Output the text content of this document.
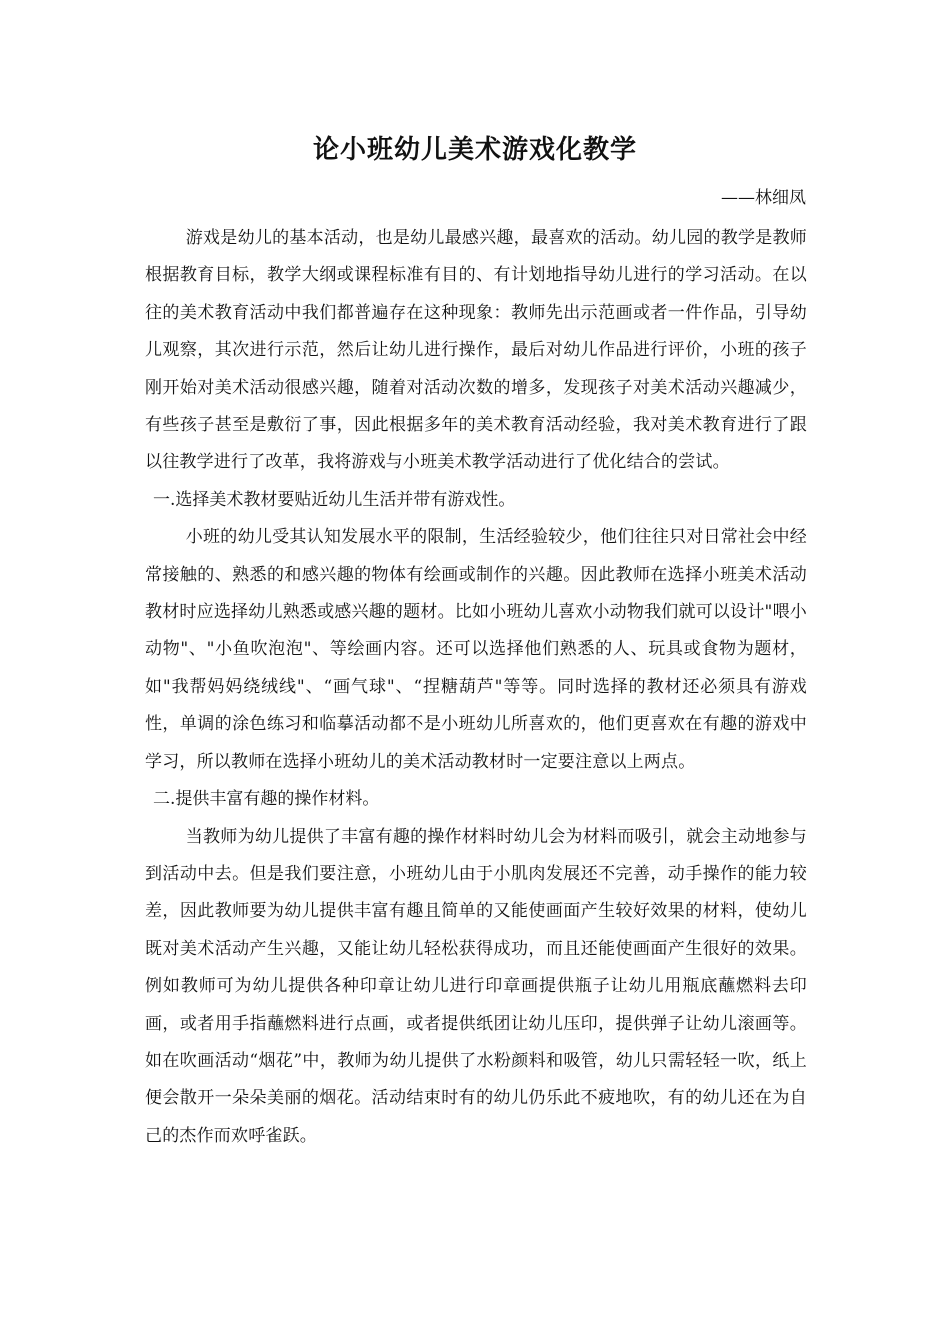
论小班幼儿美术游戏化教学
——林细凤

游戏是幼儿的基本活动，也是幼儿最感兴趣，最喜欢的活动。幼儿园的教学是教师根据教育目标，教学大纲或课程标准有目的、有计划地指导幼儿进行的学习活动。在以往的美术教育活动中我们都普遍存在这种现象：教师先出示范画或者一件作品，引导幼儿观察，其次进行示范，然后让幼儿进行操作，最后对幼儿作品进行评价，小班的孩子刚开始对美术活动很感兴趣，随着对活动次数的增多，发现孩子对美术活动兴趣减少，有些孩子甚至是敷衍了事，因此根据多年的美术教育活动经验，我对美术教育进行了跟以往教学进行了改革，我将游戏与小班美术教学活动进行了优化结合的尝试。

一.选择美术教材要贴近幼儿生活并带有游戏性。

小班的幼儿受其认知发展水平的限制，生活经验较少，他们往往只对日常社会中经常接触的、熟悉的和感兴趣的物体有绘画或制作的兴趣。因此教师在选择小班美术活动教材时应选择幼儿熟悉或感兴趣的题材。比如小班幼儿喜欢小动物我们就可以设计"喂小动物"、"小鱼吹泡泡"、等绘画内容。还可以选择他们熟悉的人、玩具或食物为题材，如"我帮妈妈绕绒线"、“画气球"、“捏糖葫芦"等等。同时选择的教材还必须具有游戏性，单调的涂色练习和临摹活动都不是小班幼儿所喜欢的，他们更喜欢在有趣的游戏中学习，所以教师在选择小班幼儿的美术活动教材时一定要注意以上两点。

二.提供丰富有趣的操作材料。

当教师为幼儿提供了丰富有趣的操作材料时幼儿会为材料而吸引，就会主动地参与到活动中去。但是我们要注意，小班幼儿由于小肌肉发展还不完善，动手操作的能力较差，因此教师要为幼儿提供丰富有趣且简单的又能使画面产生较好效果的材料，使幼儿既对美术活动产生兴趣，又能让幼儿轻松获得成功，而且还能使画面产生很好的效果。例如教师可为幼儿提供各种印章让幼儿进行印章画提供瓶子让幼儿用瓶底蘸燃料去印画，或者用手指蘸燃料进行点画，或者提供纸团让幼儿压印，提供弹子让幼儿滚画等。如在吹画活动“烟花”中，教师为幼儿提供了水粉颜料和吸管，幼儿只需轻轻一吹，纸上便会散开一朵朵美丽的烟花。活动结束时有的幼儿仍乐此不疲地吹，有的幼儿还在为自己的杰作而欢呼雀跃。
